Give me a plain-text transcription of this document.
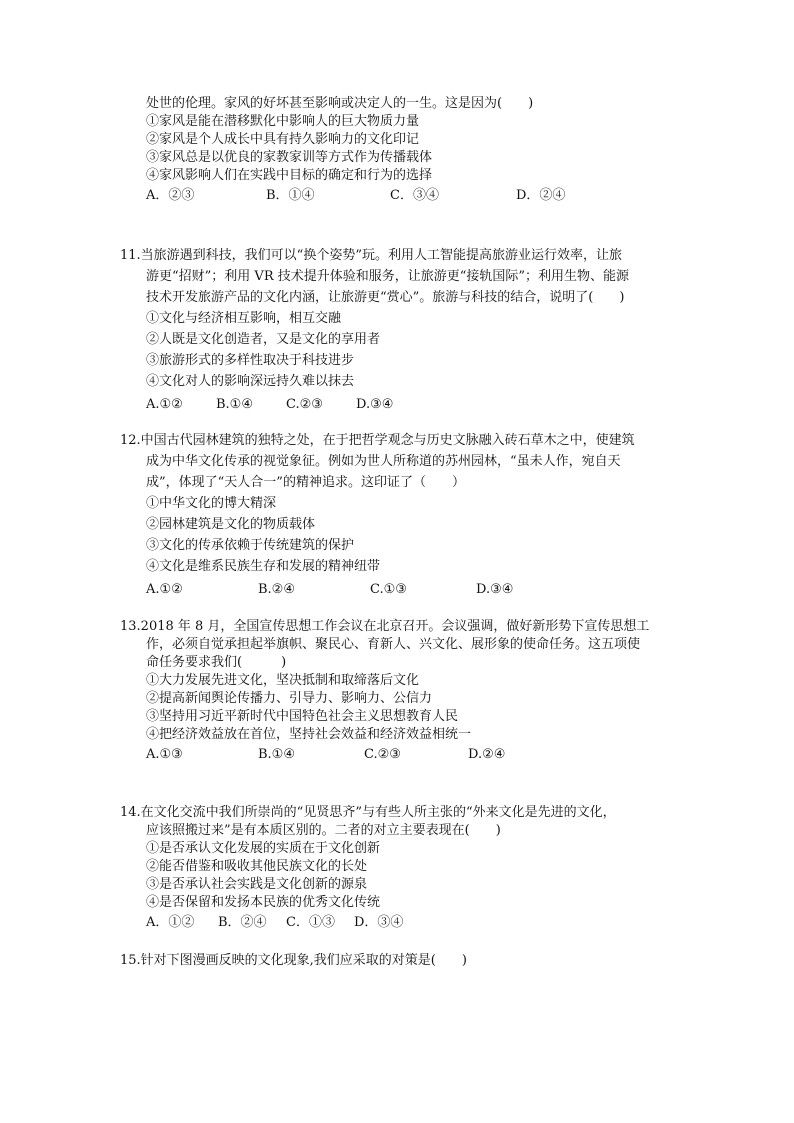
处世的伦理。家风的好坏甚至影响或决定人的一生。这是因为(　　)
①家风是能在潜移默化中影响人的巨大物质力量
②家风是个人成长中具有持久影响力的文化印记
③家风总是以优良的家教家训等方式作为传播载体
④家风影响人们在实践中目标的确定和行为的选择
A．②③	B．①④	C．③④	D．②④
11.当旅游遇到科技，我们可以“换个姿势”玩。利用人工智能提高旅游业运行效率，让旅
游更“招财”；利用 VR 技术提升体验和服务，让旅游更“接轨国际”；利用生物、能源
技术开发旅游产品的文化内涵，让旅游更“赏心”。旅游与科技的结合，说明了(　　)
①文化与经济相互影响，相互交融
②人既是文化创造者，又是文化的享用者
③旅游形式的多样性取决于科技进步
④文化对人的影响深远持久难以抹去
A.①②	B.①④	C.②③	D.③④
12.中国古代园林建筑的独特之处，在于把哲学观念与历史文脉融入砖石草木之中，使建筑
成为中华文化传承的视觉象征。例如为世人所称道的苏州园林，“虽未人作，宛自天
成”，体现了“天人合一”的精神追求。这印证了（　　）
①中华文化的博大精深
②园林建筑是文化的物质载体
③文化的传承依赖于传统建筑的保护
④文化是维系民族生存和发展的精神纽带
A.①②	B.②④	C.①③	D.③④
13.2018 年 8 月，全国宣传思想工作会议在北京召开。会议强调，做好新形势下宣传思想工
作，必须自觉承担起举旗帜、聚民心、育新人、兴文化、展形象的使命任务。这五项使
命任务要求我们(　　　)
①大力发展先进文化，坚决抵制和取缔落后文化
②提高新闻舆论传播力、引导力、影响力、公信力
③坚持用习近平新时代中国特色社会主义思想教育人民
④把经济效益放在首位，坚持社会效益和经济效益相统一
A.①③	B.①④	C.②③	D.②④
14.在文化交流中我们所崇尚的“见贤思齐”与有些人所主张的“外来文化是先进的文化，
应该照搬过来”是有本质区别的。二者的对立主要表现在(　　)
①是否承认文化发展的实质在于文化创新
②能否借鉴和吸收其他民族文化的长处
③是否承认社会实践是文化创新的源泉
④是否保留和发扬本民族的优秀文化传统
A．①②	B．②④	C．①③	D．③④
15.针对下图漫画反映的文化现象,我们应采取的对策是(　　)
